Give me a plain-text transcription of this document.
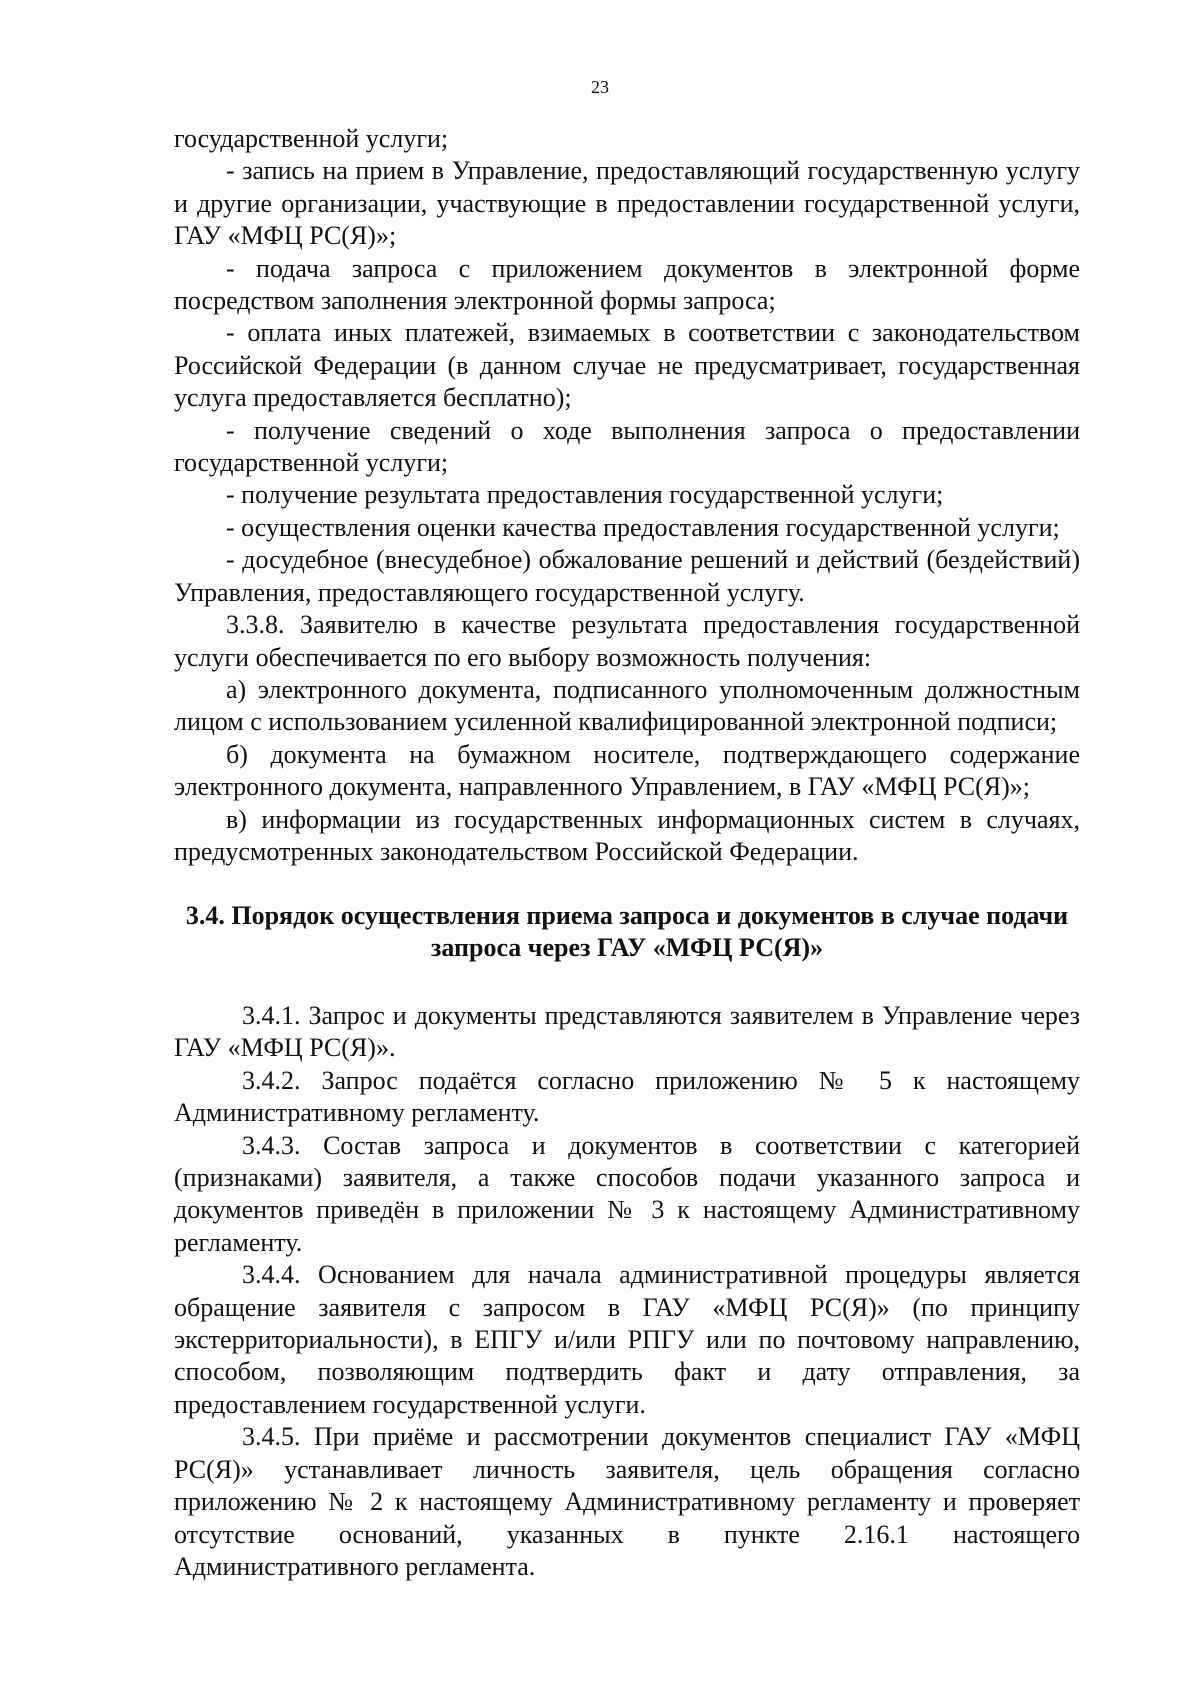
23

государственной услуги;

- запись на прием в Управление, предоставляющий государственную услугу и другие организации, участвующие в предоставлении государственной услуги, ГАУ «МФЦ РС(Я)»;

- подача запроса с приложением документов в электронной форме посредством заполнения электронной формы запроса;

- оплата иных платежей, взимаемых в соответствии с законодательством Российской Федерации (в данном случае не предусматривает, государственная услуга предоставляется бесплатно);

- получение сведений о ходе выполнения запроса о предоставлении государственной услуги;

- получение результата предоставления государственной услуги;

- осуществления оценки качества предоставления государственной услуги;

- досудебное (внесудебное) обжалование решений и действий (бездействий) Управления, предоставляющего государственной услугу.

3.3.8. Заявителю в качестве результата предоставления государственной услуги обеспечивается по его выбору возможность получения:

а) электронного документа, подписанного уполномоченным должностным лицом с использованием усиленной квалифицированной электронной подписи;

б) документа на бумажном носителе, подтверждающего содержание электронного документа, направленного Управлением, в ГАУ «МФЦ РС(Я)»;

в) информации из государственных информационных систем в случаях, предусмотренных законодательством Российской Федерации.

3.4. Порядок осуществления приема запроса и документов в случае подачи
запроса через ГАУ «МФЦ РС(Я)»

3.4.1. Запрос и документы представляются заявителем в Управление через ГАУ «МФЦ РС(Я)».

3.4.2. Запрос подаётся согласно приложению № 5 к настоящему Административному регламенту.

3.4.3. Состав запроса и документов в соответствии с категорией (признаками) заявителя, а также способов подачи указанного запроса и документов приведён в приложении № 3 к настоящему Административному регламенту.

3.4.4. Основанием для начала административной процедуры является обращение заявителя с запросом в ГАУ «МФЦ РС(Я)» (по принципу экстерриториальности), в ЕПГУ и/или РПГУ или по почтовому направлению, способом, позволяющим подтвердить факт и дату отправления, за предоставлением государственной услуги.

3.4.5. При приёме и рассмотрении документов специалист ГАУ «МФЦ РС(Я)» устанавливает личность заявителя, цель обращения согласно приложению № 2 к настоящему Административному регламенту и проверяет отсутствие оснований, указанных в пункте 2.16.1 настоящего Административного регламента.
